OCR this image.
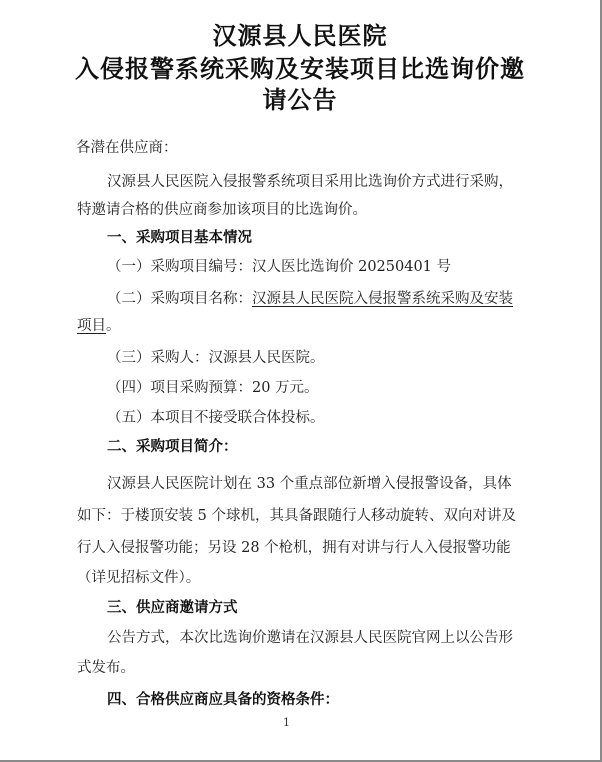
汉源县人民医院
入侵报警系统采购及安装项目比选询价邀
请公告
各潜在供应商：
汉源县人民医院入侵报警系统项目采用比选询价方式进行采购，
特邀请合格的供应商参加该项目的比选询价。
一、采购项目基本情况
（一）采购项目编号：汉人医比选询价 20250401 号
（二）采购项目名称：汉源县人民医院入侵报警系统采购及安装
项目。
（三）采购人：汉源县人民医院。
（四）项目采购预算：20 万元。
（五）本项目不接受联合体投标。
二、采购项目简介：
汉源县人民医院计划在 33 个重点部位新增入侵报警设备，具体
如下：于楼顶安装 5 个球机，其具备跟随行人移动旋转、双向对讲及
行人入侵报警功能；另设 28 个枪机，拥有对讲与行人入侵报警功能
（详见招标文件）。
三、供应商邀请方式
公告方式，本次比选询价邀请在汉源县人民医院官网上以公告形
式发布。
四、合格供应商应具备的资格条件：
1
